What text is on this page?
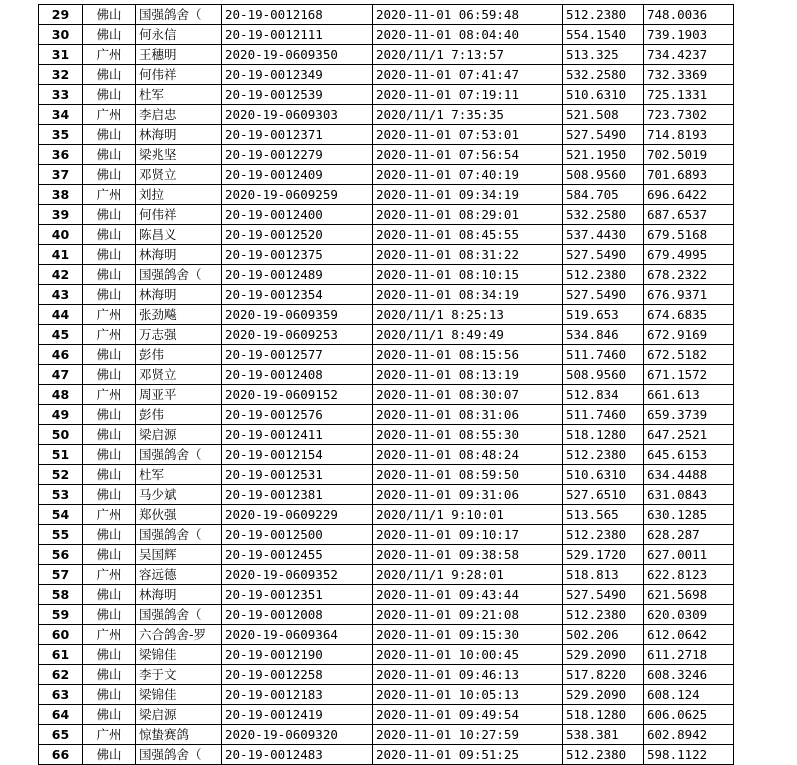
29	佛山	国强鸽舍（	20-19-0012168	2020-11-01 06:59:48	512.2380	748.0036
30	佛山	何永信	20-19-0012111	2020-11-01 08:04:40	554.1540	739.1903
31	广州	王穗明	2020-19-0609350	2020/11/1 7:13:57	513.325	734.4237
32	佛山	何伟祥	20-19-0012349	2020-11-01 07:41:47	532.2580	732.3369
33	佛山	杜军	20-19-0012539	2020-11-01 07:19:11	510.6310	725.1331
34	广州	李启忠	2020-19-0609303	2020/11/1 7:35:35	521.508	723.7302
35	佛山	林海明	20-19-0012371	2020-11-01 07:53:01	527.5490	714.8193
36	佛山	梁兆坚	20-19-0012279	2020-11-01 07:56:54	521.1950	702.5019
37	佛山	邓贤立	20-19-0012409	2020-11-01 07:40:19	508.9560	701.6893
38	广州	刘拉	2020-19-0609259	2020-11-01 09:34:19	584.705	696.6422
39	佛山	何伟祥	20-19-0012400	2020-11-01 08:29:01	532.2580	687.6537
40	佛山	陈昌义	20-19-0012520	2020-11-01 08:45:55	537.4430	679.5168
41	佛山	林海明	20-19-0012375	2020-11-01 08:31:22	527.5490	679.4995
42	佛山	国强鸽舍（	20-19-0012489	2020-11-01 08:10:15	512.2380	678.2322
43	佛山	林海明	20-19-0012354	2020-11-01 08:34:19	527.5490	676.9371
44	广州	张劲飚	2020-19-0609359	2020/11/1 8:25:13	519.653	674.6835
45	广州	万志强	2020-19-0609253	2020/11/1 8:49:49	534.846	672.9169
46	佛山	彭伟	20-19-0012577	2020-11-01 08:15:56	511.7460	672.5182
47	佛山	邓贤立	20-19-0012408	2020-11-01 08:13:19	508.9560	671.1572
48	广州	周亚平	2020-19-0609152	2020-11-01 08:30:07	512.834	661.613
49	佛山	彭伟	20-19-0012576	2020-11-01 08:31:06	511.7460	659.3739
50	佛山	梁启源	20-19-0012411	2020-11-01 08:55:30	518.1280	647.2521
51	佛山	国强鸽舍（	20-19-0012154	2020-11-01 08:48:24	512.2380	645.6153
52	佛山	杜军	20-19-0012531	2020-11-01 08:59:50	510.6310	634.4488
53	佛山	马少斌	20-19-0012381	2020-11-01 09:31:06	527.6510	631.0843
54	广州	郑伙强	2020-19-0609229	2020/11/1 9:10:01	513.565	630.1285
55	佛山	国强鸽舍（	20-19-0012500	2020-11-01 09:10:17	512.2380	628.287
56	佛山	吴国辉	20-19-0012455	2020-11-01 09:38:58	529.1720	627.0011
57	广州	容远德	2020-19-0609352	2020/11/1 9:28:01	518.813	622.8123
58	佛山	林海明	20-19-0012351	2020-11-01 09:43:44	527.5490	621.5698
59	佛山	国强鸽舍（	20-19-0012008	2020-11-01 09:21:08	512.2380	620.0309
60	广州	六合鸽舍-罗	2020-19-0609364	2020-11-01 09:15:30	502.206	612.0642
61	佛山	梁锦佳	20-19-0012190	2020-11-01 10:00:45	529.2090	611.2718
62	佛山	李于文	20-19-0012258	2020-11-01 09:46:13	517.8220	608.3246
63	佛山	梁锦佳	20-19-0012183	2020-11-01 10:05:13	529.2090	608.124
64	佛山	梁启源	20-19-0012419	2020-11-01 09:49:54	518.1280	606.0625
65	广州	惊蛰赛鸽	2020-19-0609320	2020-11-01 10:27:59	538.381	602.8942
66	佛山	国强鸽舍（	20-19-0012483	2020-11-01 09:51:25	512.2380	598.1122
